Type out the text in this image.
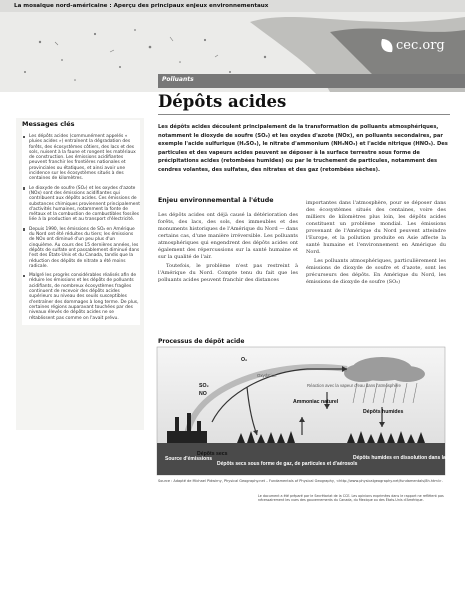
La mosaïque nord-américaine : Aperçu des principaux enjeux environnementaux
cec.org
Polluants
Dépôts acides
Messages clés
Les dépôts acides (communément appelés « pluies acides ») entraînent la dégradation des forêts, des écosystèmes côtiers, des lacs et des sols, nuisent à la faune et rongent les matériaux de construction. Les émissions acidifiantes peuvent franchir les frontières nationales et provinciales ou étatiques, et ainsi avoir une incidence sur les écosystèmes situés à des centaines de kilomètres.
Le dioxyde de soufre (SO₂) et les oxydes d'azote (NOx) sont des émissions acidifiantes qui contribuent aux dépôts acides. Ces émissions de substances chimiques proviennent principalement d'activités humaines, notamment la fonte de métaux et la combustion de combustibles fossiles liée à la production et au transport d'électricité.
Depuis 1990, les émissions de SO₂ en Amérique du Nord ont été réduites du tiers; les émissions de NOx ont diminué d'un peu plus d'un cinquième. Au cours des 15 dernières années, les dépôts de sulfate ont passablement diminué dans l'est des États-Unis et du Canada, tandis que la réduction des dépôts de nitrate a été moins radicale.
Malgré les progrès considérables réalisés afin de réduire les émissions et les dépôts de polluants acidifiants, de nombreux écosystèmes fragiles continuent de recevoir des dépôts acides supérieurs au niveau des seuils susceptibles d'entraîner des dommages à long terme. De plus, certaines régions auparavant touchées par des niveaux élevés de dépôts acides ne se rétablissent pas comme on l'avait prévu.
Les dépôts acides découlent principalement de la transformation de polluants atmosphériques, notamment le dioxyde de soufre (SO₂) et les oxydes d'azote (NOx), en polluants secondaires, par exemple l'acide sulfurique (H₂SO₄), le nitrate d'ammonium (NH₄NO₃) et l'acide nitrique (HNO₃). Des particules et des vapeurs acides peuvent se déposer à la surface terrestre sous forme de précipitations acides (retombées humides) ou par le truchement de particules, notamment des cendres volantes, des sulfates, des nitrates et des gaz (retombées sèches).
Enjeu environnemental à l'étude

Les dépôts acides ont déjà causé la détérioration des forêts, des lacs, des sols, des immeubles et des monuments historiques de l'Amérique du Nord — dans certains cas, d'une manière irréversible. Les polluants atmosphériques qui engendrent des dépôts acides ont également des répercussions sur la santé humaine et sur la qualité de l'air.

Toutefois, le problème n'est pas restreint à l'Amérique du Nord. Compte tenu du fait que les polluants acides peuvent franchir des distances

importantes dans l'atmosphère, pour se déposer dans des écosystèmes situés des centaines, voire des milliers de kilomètres plus loin, les dépôts acides constituent un problème mondial. Les émissions provenant de l'Amérique du Nord peuvent atteindre l'Europe, et la pollution produite en Asie affecte la santé humaine et l'environnement en Amérique du Nord.

Les polluants atmosphériques, particulièrement les émissions de dioxyde de soufre et d'azote, sont les précurseurs des dépôts. En Amérique du Nord, les émissions de dioxyde de soufre (SO₂)

Processus de dépôt acide
SO₂
NO
O₂
Dépôts secs
Dépôts humides
Ammoniac naturel
Oxydation
Réaction avec la vapeur d'eau dans l'atmosphère
Source d'émissions
Dépôts secs sous forme de gaz, de particules et d'aérosols
Dépôts humides en dissolution dans la pluie
Source : Adapté de Michael Pidwirny, Physical Geography.net – Fundamentals of Physical Geography, <http://www.physicalgeography.net/fundamentals/8h.html>.
Le document a été préparé par le Secrétariat de la CCE. Les opinions exprimées dans le rapport ne reflètent pas nécessairement les vues des gouvernements du Canada, du Mexique ou des États-Unis d'Amérique.
